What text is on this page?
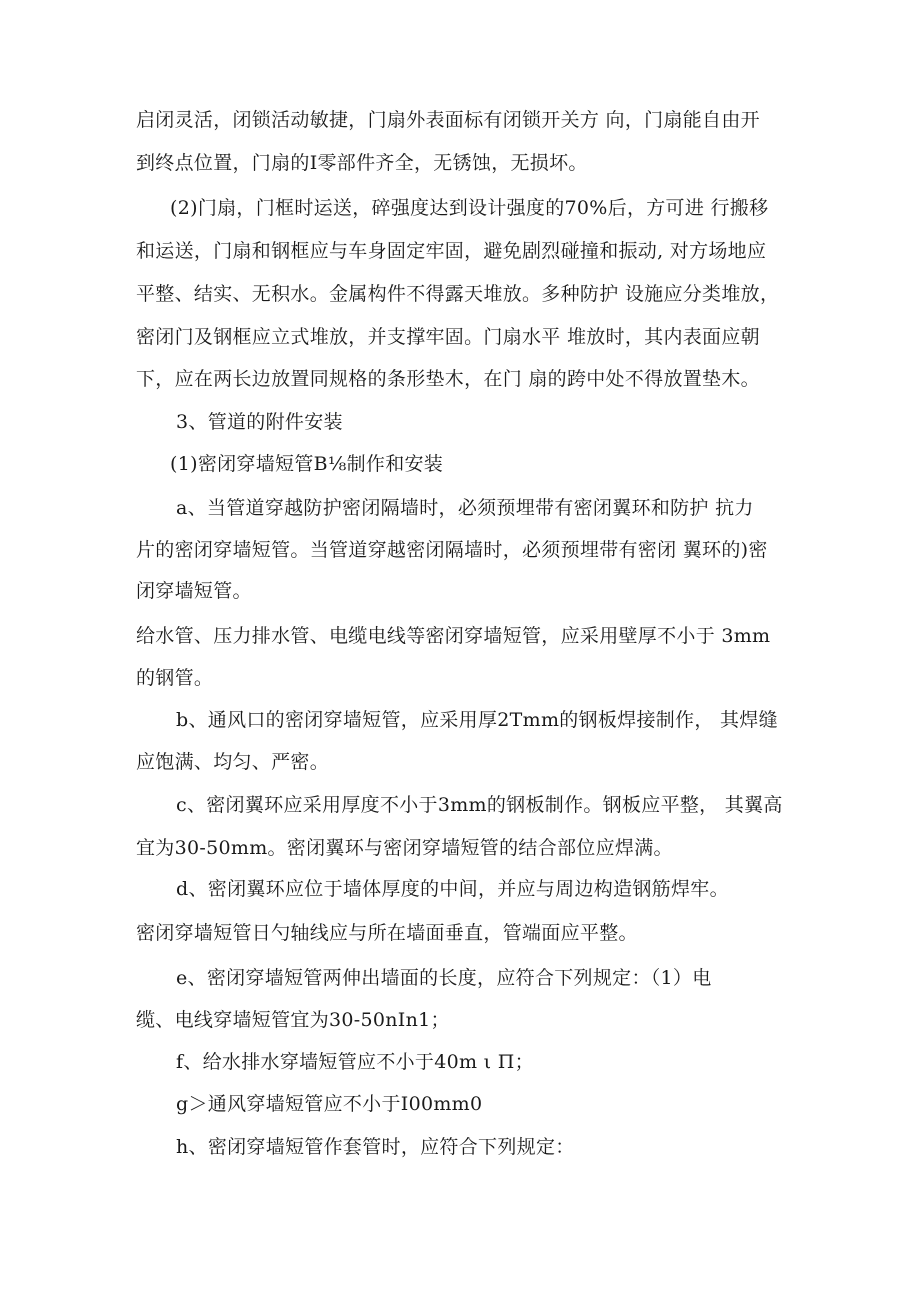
启闭灵活，闭锁活动敏捷，门扇外表面标有闭锁开关方 向，门扇能自由开
到终点位置，门扇的I零部件齐全，无锈蚀，无损坏。
(2)门扇，门框时运送，碎强度达到设计强度的70%后，方可进 行搬移
和运送，门扇和钢框应与车身固定牢固，避免剧烈碰撞和振动, 对方场地应
平整、结实、无积水。金属构件不得露天堆放。多种防护 设施应分类堆放，
密闭门及钢框应立式堆放，并支撑牢固。门扇水平 堆放时，其内表面应朝
下，应在两长边放置同规格的条形垫木，在门 扇的跨中处不得放置垫木。
3、管道的附件安装
(1)密闭穿墙短管B⅛制作和安装
a、当管道穿越防护密闭隔墙时，必须预埋带有密闭翼环和防护 抗力
片的密闭穿墙短管。当管道穿越密闭隔墙时，必须预埋带有密闭 翼环的)密
闭穿墙短管。
给水管、压力排水管、电缆电线等密闭穿墙短管，应采用壁厚不小于 3mm
的钢管。
b、通风口的密闭穿墙短管，应采用厚2Tmm的钢板焊接制作， 其焊缝
应饱满、均匀、严密。
c、密闭翼环应采用厚度不小于3mm的钢板制作。钢板应平整， 其翼高
宜为30-50mm。密闭翼环与密闭穿墙短管的结合部位应焊满。
d、密闭翼环应位于墙体厚度的中间，并应与周边构造钢筋焊牢。
密闭穿墙短管日勺轴线应与所在墙面垂直，管端面应平整。
e、密闭穿墙短管两伸出墙面的长度，应符合下列规定：（1）电
缆、电线穿墙短管宜为30-50nIn1；
f、给水排水穿墙短管应不小于40m ι Π；
g＞通风穿墙短管应不小于I00mm0
h、密闭穿墙短管作套管时，应符合下列规定：
